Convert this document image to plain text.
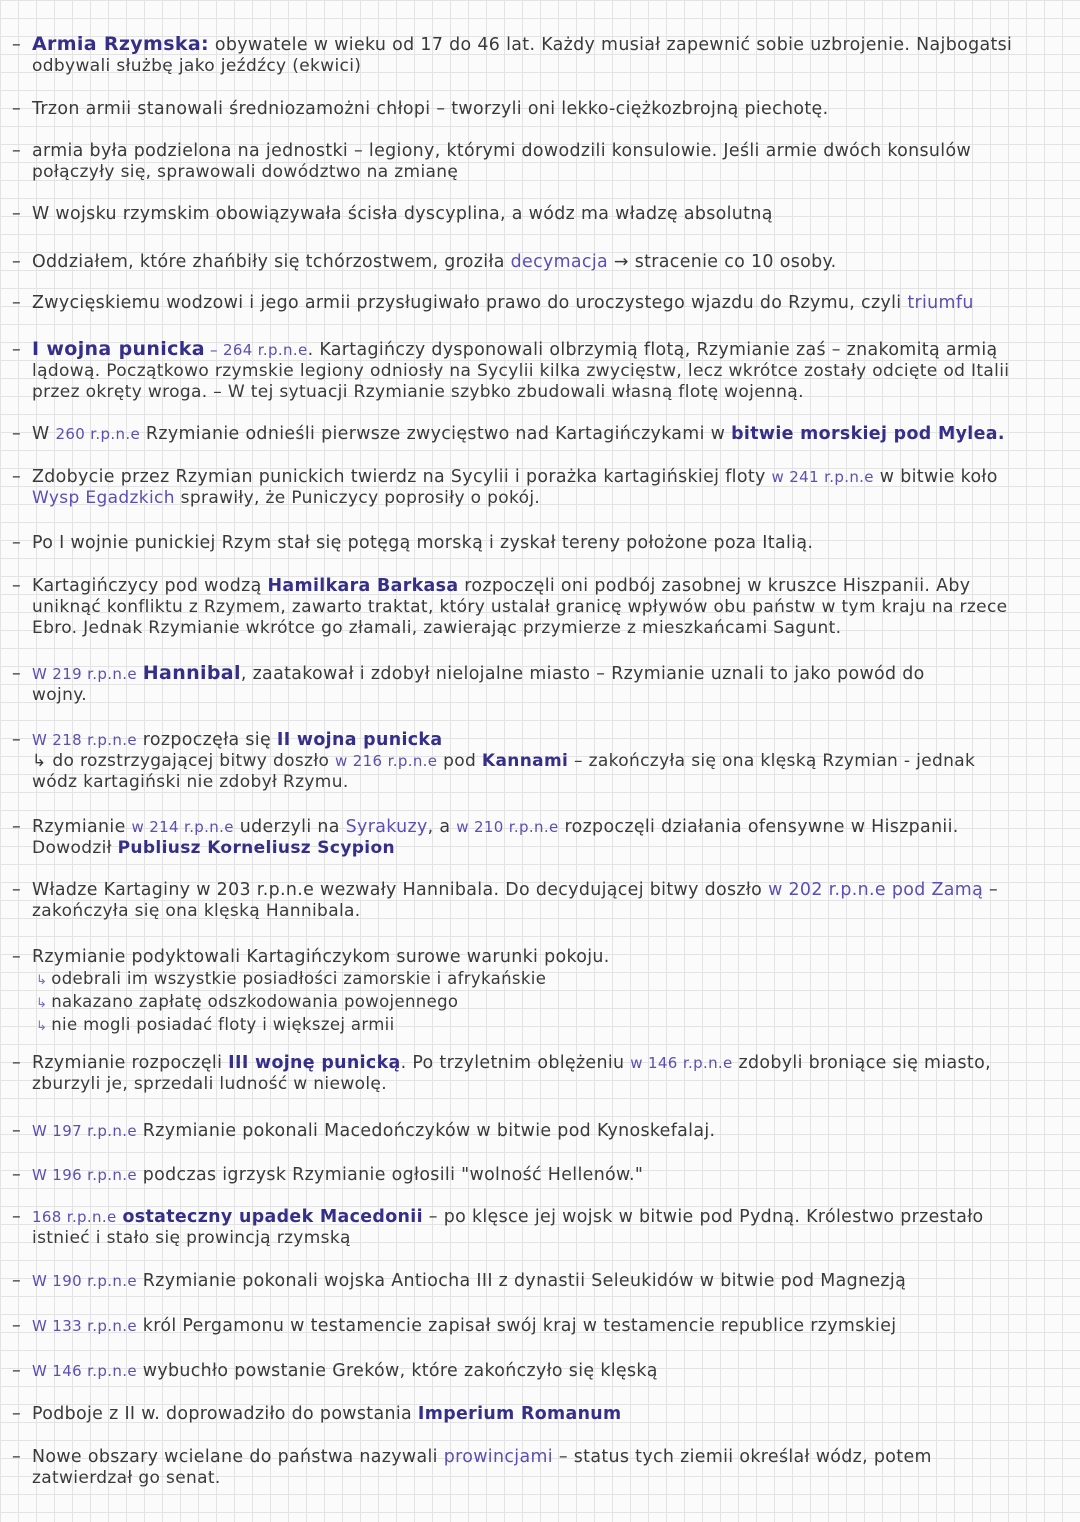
– Armia Rzymska: obywatele w wieku od 17 do 46 lat. Każdy musiał zapewnić sobie uzbrojenie. Najbogatsi
odbywali służbę jako jeźdźcy (ekwici)
– Trzon armii stanowali średniozamożni chłopi – tworzyli oni lekko-ciężkozbrojną piechotę.
– armia była podzielona na jednostki – legiony, którymi dowodzili konsulowie. Jeśli armie dwóch konsulów
połączyły się, sprawowali dowództwo na zmianę
– W wojsku rzymskim obowiązywała ścisła dyscyplina, a wódz ma władzę absolutną
– Oddziałem, które zhańbiły się tchórzostwem, groziła decymacja → stracenie co 10 osoby.
– Zwycięskiemu wodzowi i jego armii przysługiwało prawo do uroczystego wjazdu do Rzymu, czyli triumfu
– I wojna punicka – 264 r.p.n.e. Kartagińczy dysponowali olbrzymią flotą, Rzymianie zaś – znakomitą armią
lądową. Początkowo rzymskie legiony odniosły na Sycylii kilka zwycięstw, lecz wkrótce zostały odcięte od Italii
przez okręty wroga. – W tej sytuacji Rzymianie szybko zbudowali własną flotę wojenną.
– W 260 r.p.n.e Rzymianie odnieśli pierwsze zwycięstwo nad Kartagińczykami w bitwie morskiej pod Mylea.
– Zdobycie przez Rzymian punickich twierdz na Sycylii i porażka kartagińskiej floty w 241 r.p.n.e w bitwie koło
Wysp Egadzkich sprawiły, że Puniczycy poprosiły o pokój.
– Po I wojnie punickiej Rzym stał się potęgą morską i zyskał tereny położone poza Italią.
– Kartagińczycy pod wodzą Hamilkara Barkasa rozpoczęli oni podbój zasobnej w kruszce Hiszpanii. Aby
uniknąć konfliktu z Rzymem, zawarto traktat, który ustalał granicę wpływów obu państw w tym kraju na rzece
Ebro. Jednak Rzymianie wkrótce go złamali, zawierając przymierze z mieszkańcami Sagunt.
– W 219 r.p.n.e Hannibal, zaatakował i zdobył nielojalne miasto – Rzymianie uznali to jako powód do
wojny.
– W 218 r.p.n.e rozpoczęła się II wojna punicka
↳ do rozstrzygającej bitwy doszło w 216 r.p.n.e pod Kannami – zakończyła się ona klęską Rzymian - jednak
wódz kartagiński nie zdobył Rzymu.
– Rzymianie w 214 r.p.n.e uderzyli na Syrakuzy, a w 210 r.p.n.e rozpoczęli działania ofensywne w Hiszpanii.
Dowodził Publiusz Korneliusz Scypion
– Władze Kartaginy w 203 r.p.n.e wezwały Hannibala. Do decydującej bitwy doszło w 202 r.p.n.e pod Zamą –
zakończyła się ona klęską Hannibala.
– Rzymianie podyktowali Kartagińczykom surowe warunki pokoju.
↳ odebrali im wszystkie posiadłości zamorskie i afrykańskie
↳ nakazano zapłatę odszkodowania powojennego
↳ nie mogli posiadać floty i większej armii
– Rzymianie rozpoczęli III wojnę punicką. Po trzyletnim oblężeniu w 146 r.p.n.e zdobyli broniące się miasto,
zburzyli je, sprzedali ludność w niewolę.
– W 197 r.p.n.e Rzymianie pokonali Macedończyków w bitwie pod Kynoskefalaj.
– W 196 r.p.n.e podczas igrzysk Rzymianie ogłosili "wolność Hellenów."
– 168 r.p.n.e ostateczny upadek Macedonii – po klęsce jej wojsk w bitwie pod Pydną. Królestwo przestało
istnieć i stało się prowincją rzymską
– W 190 r.p.n.e Rzymianie pokonali wojska Antiocha III z dynastii Seleukidów w bitwie pod Magnezją
– W 133 r.p.n.e król Pergamonu w testamencie zapisał swój kraj w testamencie republice rzymskiej
– W 146 r.p.n.e wybuchło powstanie Greków, które zakończyło się klęską
– Podboje z II w. doprowadziło do powstania Imperium Romanum
– Nowe obszary wcielane do państwa nazywali prowincjami – status tych ziemii określał wódz, potem
zatwierdzał go senat.
